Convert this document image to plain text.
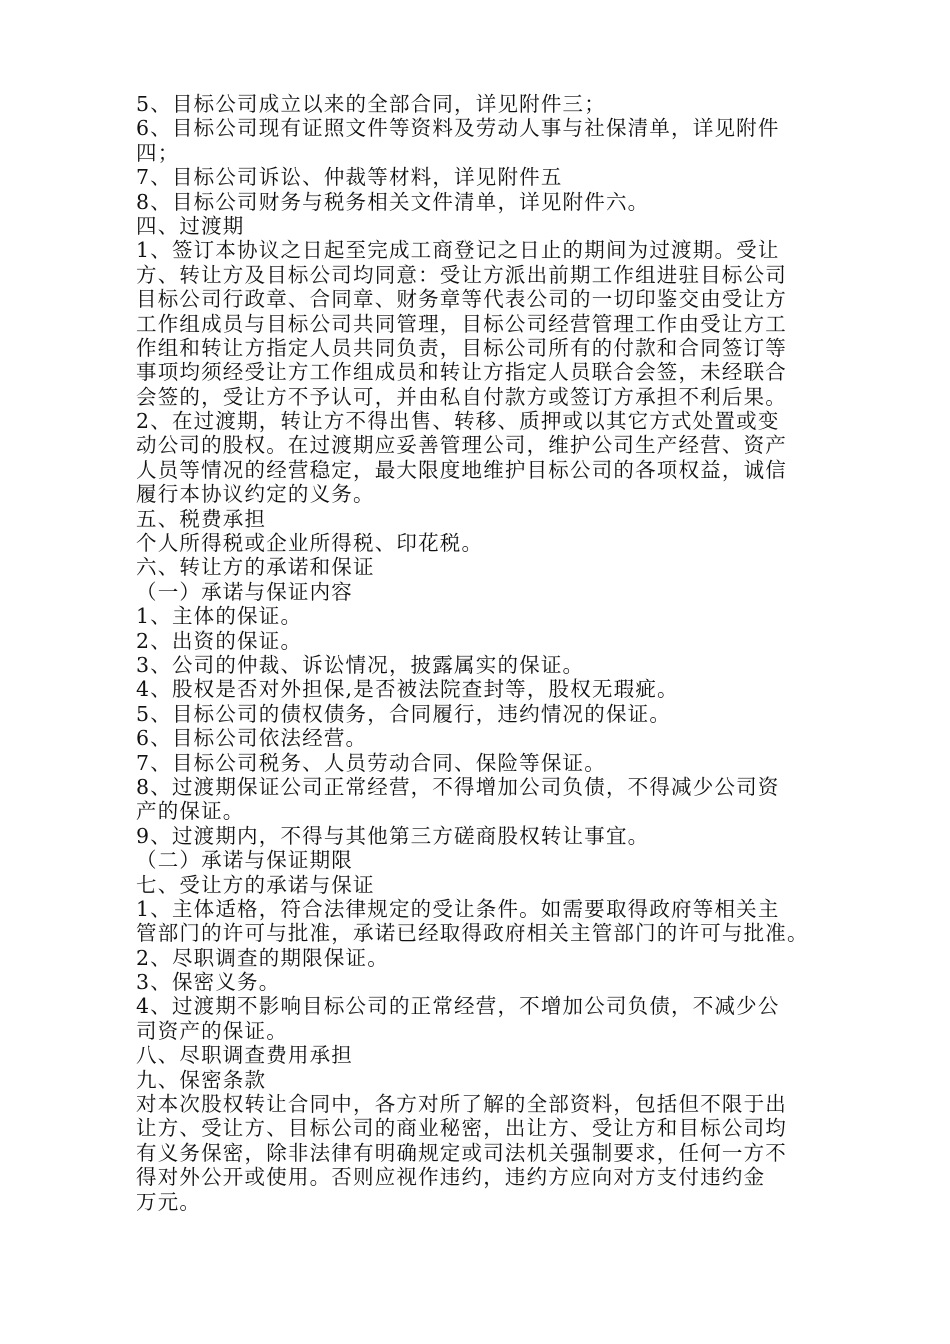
5、目标公司成立以来的全部合同，详见附件三；
6、目标公司现有证照文件等资料及劳动人事与社保清单，详见附件
四；
7、目标公司诉讼、仲裁等材料，详见附件五
8、目标公司财务与税务相关文件清单，详见附件六。
四、过渡期
1、签订本协议之日起至完成工商登记之日止的期间为过渡期。受让
方、转让方及目标公司均同意：受让方派出前期工作组进驻目标公司
目标公司行政章、合同章、财务章等代表公司的一切印鉴交由受让方
工作组成员与目标公司共同管理，目标公司经营管理工作由受让方工
作组和转让方指定人员共同负责，目标公司所有的付款和合同签订等
事项均须经受让方工作组成员和转让方指定人员联合会签，未经联合
会签的，受让方不予认可，并由私自付款方或签订方承担不利后果。
2、在过渡期，转让方不得出售、转移、质押或以其它方式处置或变
动公司的股权。在过渡期应妥善管理公司，维护公司生产经营、资产
人员等情况的经营稳定，最大限度地维护目标公司的各项权益，诚信
履行本协议约定的义务。
五、税费承担
个人所得税或企业所得税、印花税。
六、转让方的承诺和保证
（一）承诺与保证内容
1、主体的保证。
2、出资的保证。
3、公司的仲裁、诉讼情况，披露属实的保证。
4、股权是否对外担保,是否被法院查封等，股权无瑕疵。
5、目标公司的债权债务，合同履行，违约情况的保证。
6、目标公司依法经营。
7、目标公司税务、人员劳动合同、保险等保证。
8、过渡期保证公司正常经营，不得增加公司负债，不得减少公司资
产的保证。
9、过渡期内，不得与其他第三方磋商股权转让事宜。
（二）承诺与保证期限
七、受让方的承诺与保证
1、主体适格，符合法律规定的受让条件。如需要取得政府等相关主
管部门的许可与批准，承诺已经取得政府相关主管部门的许可与批准。
2、尽职调查的期限保证。
3、保密义务。
4、过渡期不影响目标公司的正常经营，不增加公司负债，不减少公
司资产的保证。
八、尽职调查费用承担
九、保密条款
对本次股权转让合同中，各方对所了解的全部资料，包括但不限于出
让方、受让方、目标公司的商业秘密，出让方、受让方和目标公司均
有义务保密，除非法律有明确规定或司法机关强制要求，任何一方不
得对外公开或使用。否则应视作违约，违约方应向对方支付违约金
万元。
